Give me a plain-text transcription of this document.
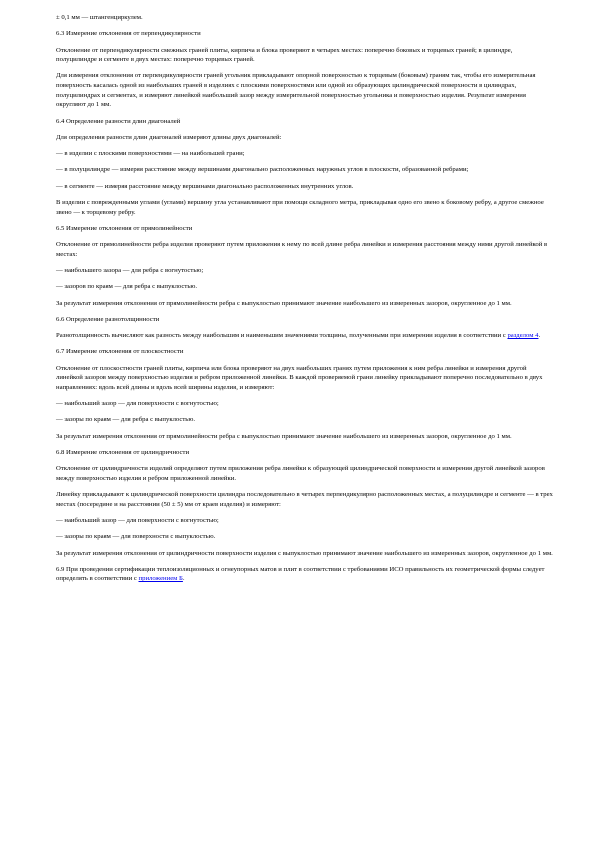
± 0,1 мм — штангенциркулем.

6.3 Измерение отклонения от перпендикулярности

Отклонение от перпендикулярности смежных граней плиты, кирпича и блока проверяют в четырех местах: поперечно боковых и торцевых граней; в цилиндре, полуцилиндре и сегменте в двух местах: поперечно торцевых граней.

Для измерения отклонения от перпендикулярности граней угольник прикладывают опорной поверхностью к торцевым (боковым) граням так, чтобы его измерительная поверхность касалась одной из наибольших граней в изделиях с плоскими поверхностями или одной из образующих цилиндрической поверхности в цилиндрах, полуцилиндрах и сегментах, и измеряют линейкой наибольший зазор между измерительной поверхностью угольника и поверхностью изделия. Результат измерения округляют до 1 мм.

6.4 Определение разности длин диагоналей

Для определения разности длин диагоналей измеряют длины двух диагоналей:

— в изделии с плоскими поверхностями — на наибольшей грани;

— в полуцилиндре — измеряя расстояние между вершинами диагонально расположенных наружных углов в плоскости, образованной ребрами;

— в сегменте — измеряя расстояние между вершинами диагонально расположенных внутренних углов.

В изделии с поврежденными углами (углами) вершину угла устанавливают при помощи складного метра, прикладывая одно его звено к боковому ребру, а другое смежное звено — к торцевому ребру.

6.5 Измерение отклонения от прямолинейности

Отклонение от прямолинейности ребра изделия проверяют путем приложения к нему по всей длине ребра линейки и измерения расстояния между ними другой линейкой в местах:

— наибольшего зазора — для ребра с вогнутостью;

— зазоров по краям — для ребра с выпуклостью.

За результат измерения отклонения от прямолинейности ребра с выпуклостью принимают значение наибольшего из измеренных зазоров, округленное до 1 мм.

6.6 Определение разнотолщинности

Разнотолщинность вычисляют как разность между наибольшим и наименьшим значениями толщины, полученными при измерении изделия в соответствии с разделом 4.

6.7 Измерение отклонения от плоскостности

Отклонение от плоскостности граней плиты, кирпича или блока проверяют на двух наибольших гранях путем приложения к ним ребра линейки и измерения другой линейкой зазоров между поверхностью изделия и ребром приложенной линейки. В каждой проверяемой грани линейку прикладывают поперечно последовательно в двух направлениях: вдоль всей длины и вдоль всей ширины изделия, и измеряют:

— наибольший зазор — для поверхности с вогнутостью;

— зазоры по краям — для ребра с выпуклостью.

За результат измерения отклонения от прямолинейности ребра с выпуклостью принимают значение наибольшего из измеренных зазоров, округленное до 1 мм.

6.8 Измерение отклонения от цилиндричности

Отклонение от цилиндричности изделий определяют путем приложения ребра линейки к образующей цилиндрической поверхности и измерения другой линейкой зазоров между поверхностью изделия и ребром приложенной линейки.

Линейку прикладывают к цилиндрической поверхности цилиндра последовательно в четырех перпендикулярно расположенных местах, а полуцилиндре и сегменте — в трех местах (посередине и на расстоянии (50 ± 5) мм от краев изделия) и измеряют:

— наибольший зазор — для поверхности с вогнутостью;

— зазоры по краям — для поверхности с выпуклостью.

За результат измерения отклонения от цилиндричности поверхности изделия с выпуклостью принимают значение наибольшего из измеренных зазоров, округленное до 1 мм.

6.9 При проведении сертификации теплоизоляционных и огнеупорных матов и плит в соответствии с требованиями ИСО правильность их геометрической формы следует определять в соответствии с приложением Б.
